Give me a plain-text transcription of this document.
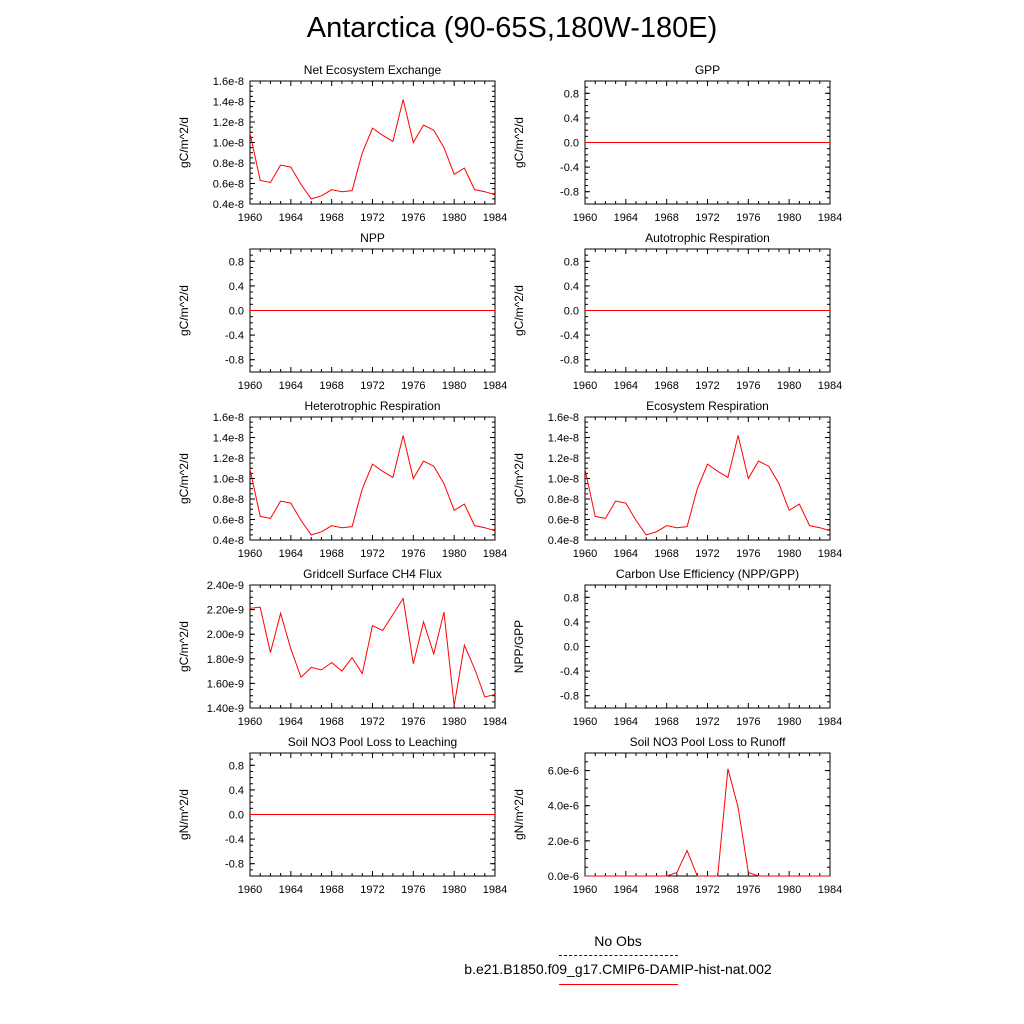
Antarctica (90-65S,180W-180E)
1960 1964 1968 1972 1976 1980 1984
0.4e-8
0.6e-8
0.8e-8
1.0e-8
1.2e-8
1.4e-8
1.6e-8
Net Ecosystem Exchange
gC/m^2/d
1960 1964 1968 1972 1976 1980 1984
-0.8
-0.4
0.0
0.4
0.8
GPP
gC/m^2/d
1960 1964 1968 1972 1976 1980 1984
-0.8
-0.4
0.0
0.4
0.8
NPP
gC/m^2/d
1960 1964 1968 1972 1976 1980 1984
-0.8
-0.4
0.0
0.4
0.8
Autotrophic Respiration
gC/m^2/d
1960 1964 1968 1972 1976 1980 1984
0.4e-8
0.6e-8
0.8e-8
1.0e-8
1.2e-8
1.4e-8
1.6e-8
Heterotrophic Respiration
gC/m^2/d
1960 1964 1968 1972 1976 1980 1984
0.4e-8
0.6e-8
0.8e-8
1.0e-8
1.2e-8
1.4e-8
1.6e-8
Ecosystem Respiration
gC/m^2/d
1960 1964 1968 1972 1976 1980 1984
1.40e-9
1.60e-9
1.80e-9
2.00e-9
2.20e-9
2.40e-9
Gridcell Surface CH4 Flux
gC/m^2/d
1960 1964 1968 1972 1976 1980 1984
-0.8
-0.4
0.0
0.4
0.8
Carbon Use Efficiency (NPP/GPP)
NPP/GPP
1960 1964 1968 1972 1976 1980 1984
-0.8
-0.4
0.0
0.4
0.8
Soil NO3 Pool Loss to Leaching
gN/m^2/d
1960 1964 1968 1972 1976 1980 1984
0.0e-6
2.0e-6
4.0e-6
6.0e-6
Soil NO3 Pool Loss to Runoff
gN/m^2/d
No Obs
b.e21.B1850.f09_g17.CMIP6-DAMIP-hist-nat.002
